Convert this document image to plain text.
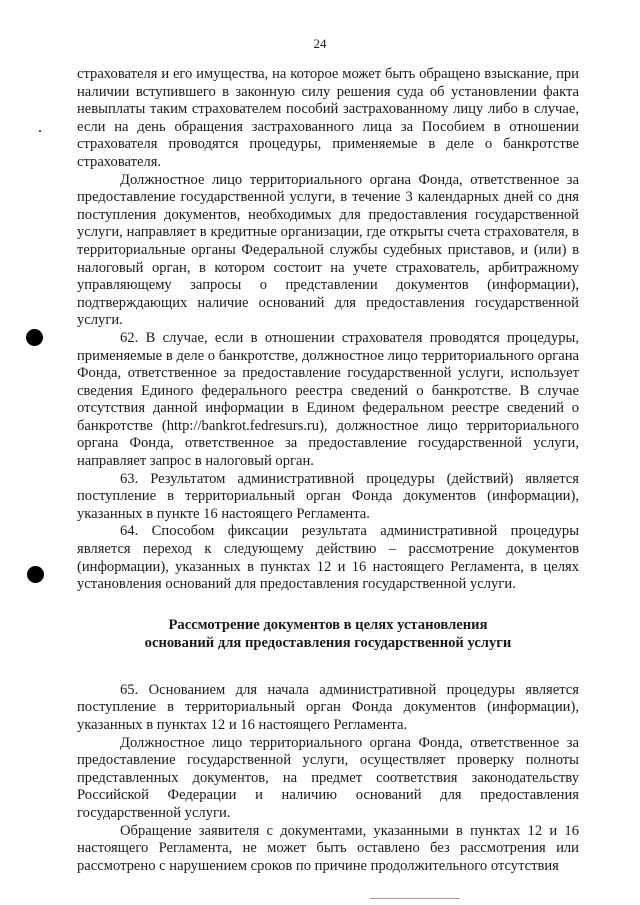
24

страхователя и его имущества, на которое может быть обращено взыскание, при наличии вступившего в законную силу решения суда об установлении факта невыплаты таким страхователем пособий застрахованному лицу либо в случае, если на день обращения застрахованного лица за Пособием в отношении страхователя проводятся процедуры, применяемые в деле о банкротстве страхователя.

Должностное лицо территориального органа Фонда, ответственное за предоставление государственной услуги, в течение 3 календарных дней со дня поступления документов, необходимых для предоставления государственной услуги, направляет в кредитные организации, где открыты счета страхователя, в территориальные органы Федеральной службы судебных приставов, и (или) в налоговый орган, в котором состоит на учете страхователь, арбитражному управляющему запросы о представлении документов (информации), подтверждающих наличие оснований для предоставления государственной услуги.

62. В случае, если в отношении страхователя проводятся процедуры, применяемые в деле о банкротстве, должностное лицо территориального органа Фонда, ответственное за предоставление государственной услуги, использует сведения Единого федерального реестра сведений о банкротстве. В случае отсутствия данной информации в Едином федеральном реестре сведений о банкротстве (http://bankrot.fedresurs.ru), должностное лицо территориального органа Фонда, ответственное за предоставление государственной услуги, направляет запрос в налоговый орган.

63. Результатом административной процедуры (действий) является поступление в территориальный орган Фонда документов (информации), указанных в пункте 16 настоящего Регламента.

64. Способом фиксации результата административной процедуры является переход к следующему действию – рассмотрение документов (информации), указанных в пунктах 12 и 16 настоящего Регламента, в целях установления оснований для предоставления государственной услуги.

Рассмотрение документов в целях установления
оснований для предоставления государственной услуги

65. Основанием для начала административной процедуры является поступление в территориальный орган Фонда документов (информации), указанных в пунктах 12 и 16 настоящего Регламента.

Должностное лицо территориального органа Фонда, ответственное за предоставление государственной услуги, осуществляет проверку полноты представленных документов, на предмет соответствия законодательству Российской Федерации и наличию оснований для предоставления государственной услуги.

Обращение заявителя с документами, указанными в пунктах 12 и 16 настоящего Регламента, не может быть оставлено без рассмотрения или рассмотрено с нарушением сроков по причине продолжительного отсутствия
